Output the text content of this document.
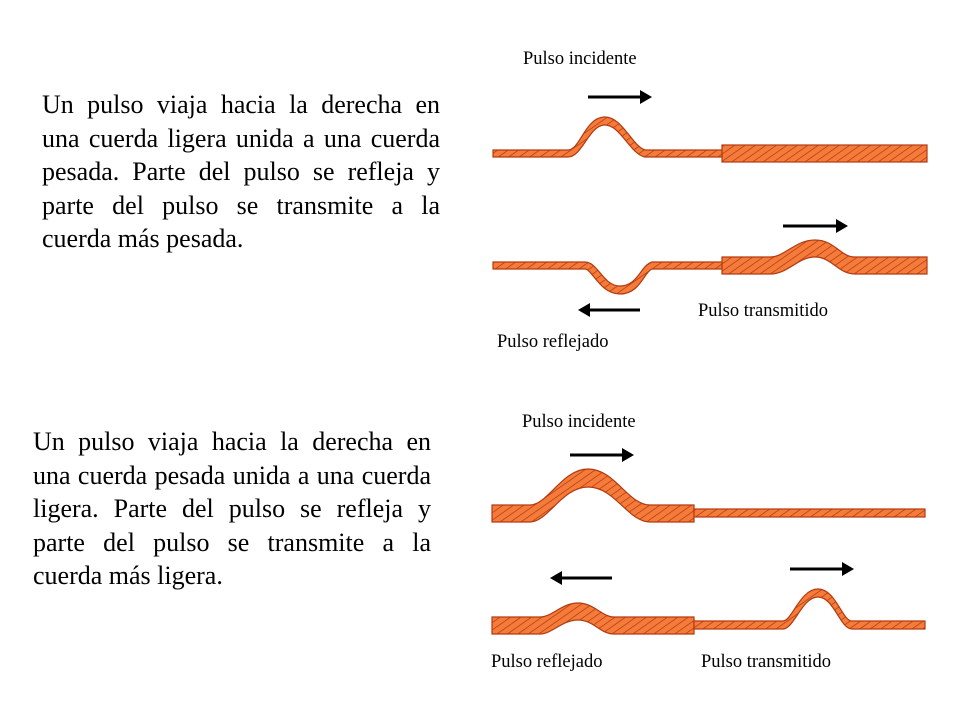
Un pulso viaja hacia la derecha en una cuerda ligera unida a una cuerda pesada. Parte del pulso se refleja y parte del pulso se transmite a la cuerda más pesada.
Un pulso viaja hacia la derecha en una cuerda pesada unida a una cuerda ligera. Parte del pulso se refleja y parte del pulso se transmite a la cuerda más ligera.
Pulso incidente
Pulso transmitido
Pulso reflejado
Pulso incidente
Pulso reflejado	Pulso transmitido
